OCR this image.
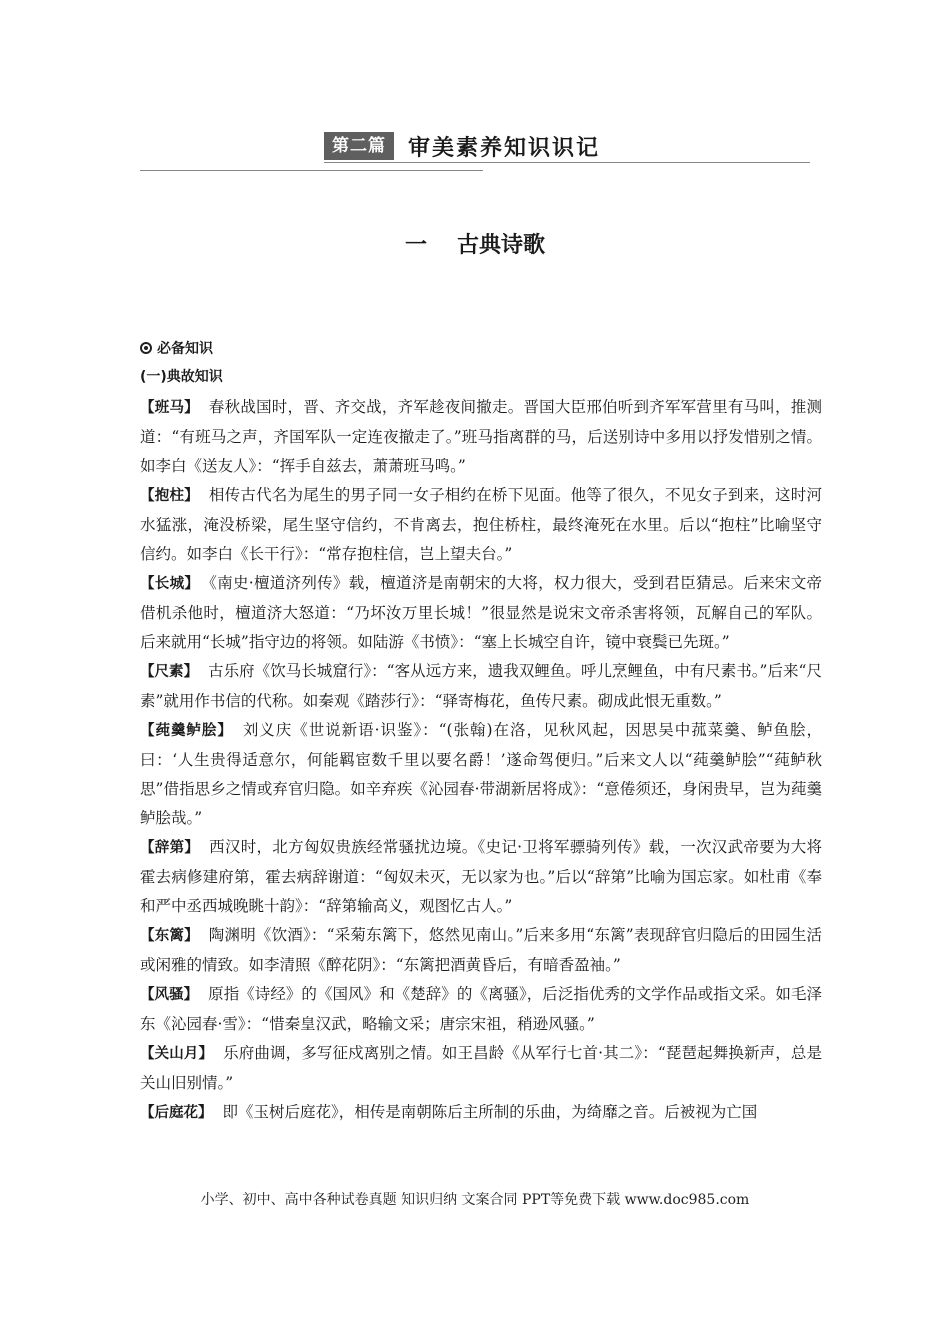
第二篇	审美素养知识识记
一 古典诗歌
必备知识
(一)典故知识

【班马】 春秋战国时，晋、齐交战，齐军趁夜间撤走。晋国大臣邢伯听到齐军军营里有马叫，推测道：“有班马之声，齐国军队一定连夜撤走了。”班马指离群的马，后送别诗中多用以抒发惜别之情。如李白《送友人》：“挥手自兹去，萧萧班马鸣。”

【抱柱】 相传古代名为尾生的男子同一女子相约在桥下见面。他等了很久，不见女子到来，这时河水猛涨，淹没桥梁，尾生坚守信约，不肯离去，抱住桥柱，最终淹死在水里。后以“抱柱”比喻坚守信约。如李白《长干行》：“常存抱柱信，岂上望夫台。”

【长城】 《南史·檀道济列传》载，檀道济是南朝宋的大将，权力很大，受到君臣猜忌。后来宋文帝借机杀他时，檀道济大怒道：“乃坏汝万里长城！”很显然是说宋文帝杀害将领，瓦解自己的军队。后来就用“长城”指守边的将领。如陆游《书愤》：“塞上长城空自许，镜中衰鬓已先斑。”

【尺素】 古乐府《饮马长城窟行》：“客从远方来，遗我双鲤鱼。呼儿烹鲤鱼，中有尺素书。”后来“尺素”就用作书信的代称。如秦观《踏莎行》：“驿寄梅花，鱼传尺素。砌成此恨无重数。”

【莼羹鲈脍】 刘义庆《世说新语·识鉴》：“(张翰)在洛，见秋风起，因思吴中菰菜羹、鲈鱼脍，曰：‘人生贵得适意尔，何能羁宦数千里以要名爵！’遂命驾便归。”后来文人以“莼羹鲈脍”“莼鲈秋思”借指思乡之情或弃官归隐。如辛弃疾《沁园春·带湖新居将成》：“意倦须还，身闲贵早，岂为莼羹鲈脍哉。”

【辞第】 西汉时，北方匈奴贵族经常骚扰边境。《史记·卫将军骠骑列传》载，一次汉武帝要为大将霍去病修建府第，霍去病辞谢道：“匈奴未灭，无以家为也。”后以“辞第”比喻为国忘家。如杜甫《奉和严中丞西城晚眺十韵》：“辞第输高义，观图忆古人。”

【东篱】 陶渊明《饮酒》：“采菊东篱下，悠然见南山。”后来多用“东篱”表现辞官归隐后的田园生活或闲雅的情致。如李清照《醉花阴》：“东篱把酒黄昏后，有暗香盈袖。”

【风骚】 原指《诗经》的《国风》和《楚辞》的《离骚》，后泛指优秀的文学作品或指文采。如毛泽东《沁园春·雪》：“惜秦皇汉武，略输文采；唐宗宋祖，稍逊风骚。”

【关山月】 乐府曲调，多写征戍离别之情。如王昌龄《从军行七首·其二》：“琵琶起舞换新声，总是关山旧别情。”

【后庭花】 即《玉树后庭花》，相传是南朝陈后主所制的乐曲，为绮靡之音。后被视为亡国

小学、初中、高中各种试卷真题 知识归纳 文案合同 PPT等免费下载 www.doc985.com
